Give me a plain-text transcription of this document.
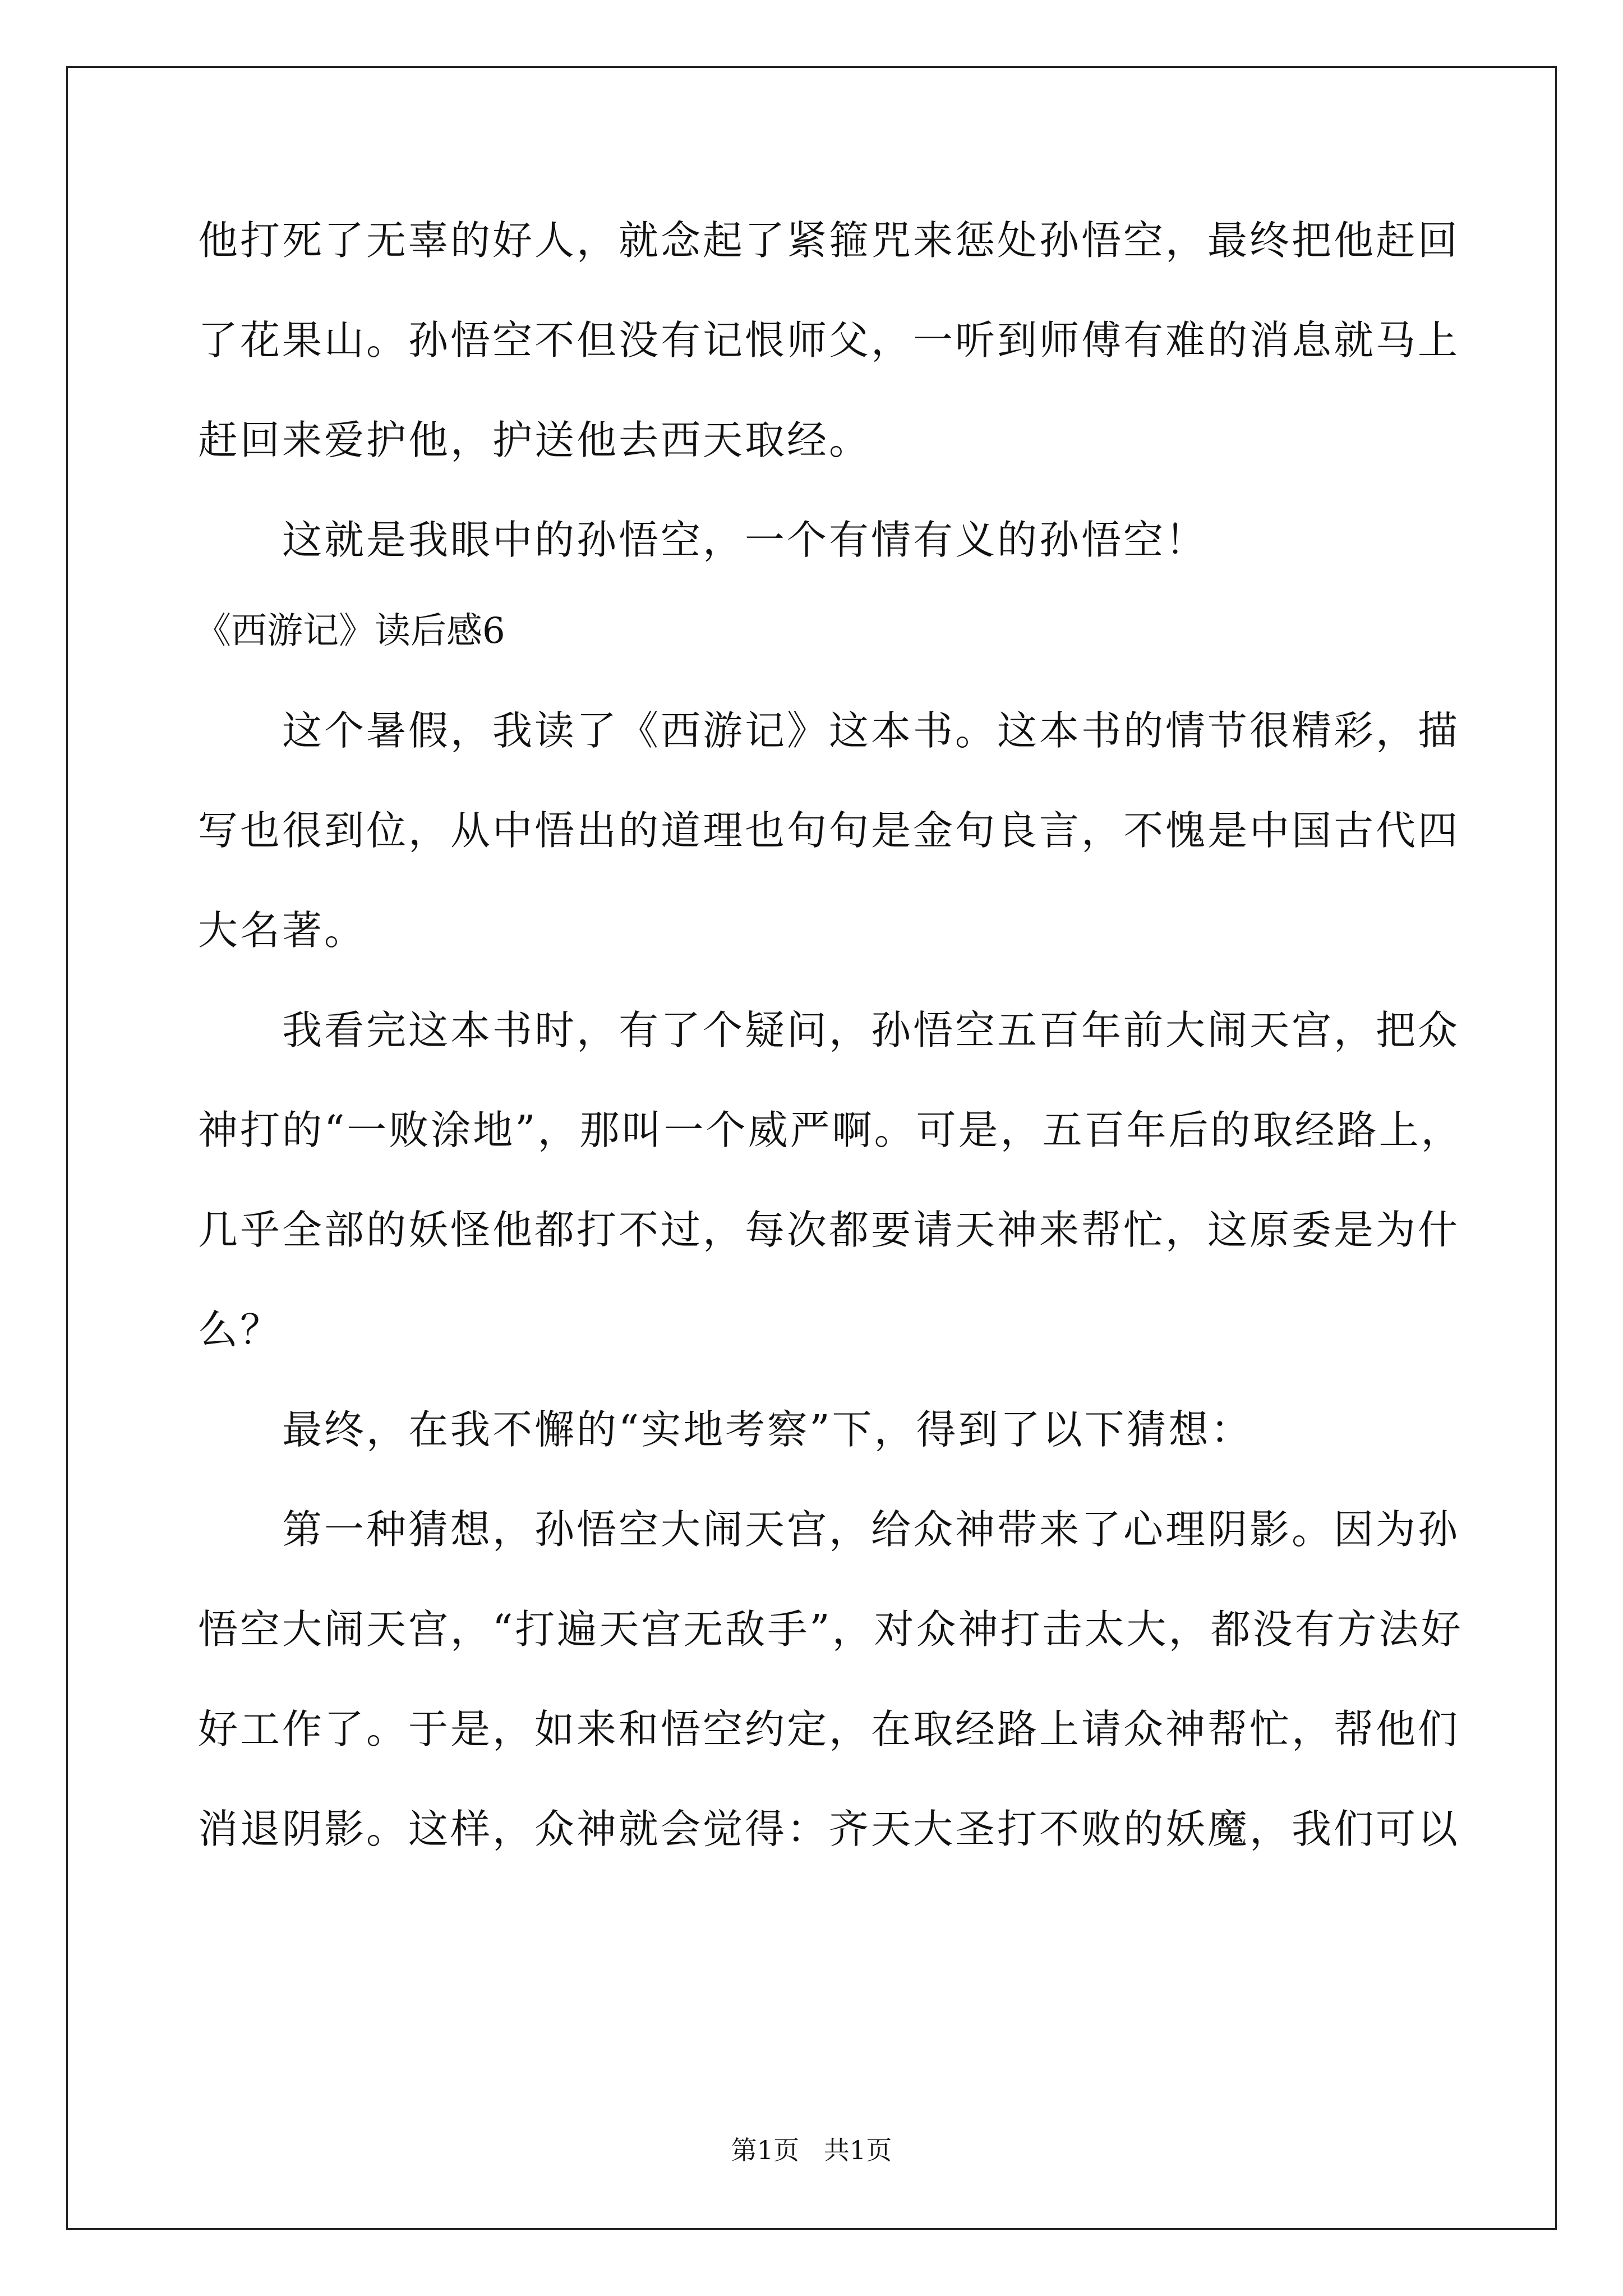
他打死了无辜的好人，就念起了紧箍咒来惩处孙悟空，最终把他赶回
了花果山。孙悟空不但没有记恨师父，一听到师傅有难的消息就马上
赶回来爱护他，护送他去西天取经。
这就是我眼中的孙悟空，一个有情有义的孙悟空！
《西游记》读后感6
这个暑假，我读了《西游记》这本书。这本书的情节很精彩，描
写也很到位，从中悟出的道理也句句是金句良言，不愧是中国古代四
大名著。
我看完这本书时，有了个疑问，孙悟空五百年前大闹天宫，把众
神打的“一败涂地”，那叫一个威严啊。可是，五百年后的取经路上，
几乎全部的妖怪他都打不过，每次都要请天神来帮忙，这原委是为什
么？
最终，在我不懈的“实地考察”下，得到了以下猜想：
第一种猜想，孙悟空大闹天宫，给众神带来了心理阴影。因为孙
悟空大闹天宫，“打遍天宫无敌手”，对众神打击太大，都没有方法好
好工作了。于是，如来和悟空约定，在取经路上请众神帮忙，帮他们
消退阴影。这样，众神就会觉得：齐天大圣打不败的妖魔，我们可以
第1页   共1页
